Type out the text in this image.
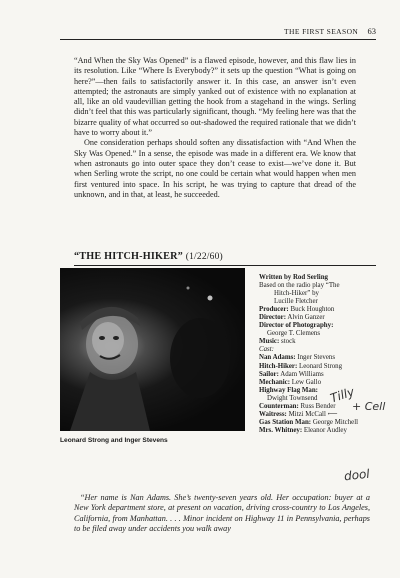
THE FIRST SEASON 63

“And When the Sky Was Opened” is a flawed episode, however, and this flaw lies in its resolution. Like “Where Is Everybody?” it sets up the question “What is going on here?”—then fails to satisfactorily answer it. In this case, an answer isn’t even attempted; the astronauts are simply yanked out of existence with no explanation at all, like an old vaudevillian getting the hook from a stagehand in the wings. Serling didn’t feel that this was particularly significant, though. “My feeling here was that the bizarre quality of what occurred so out-shadowed the required rationale that we didn’t have to worry about it.”

One consideration perhaps should soften any dissatisfaction with “And When the Sky Was Opened.” In a sense, the episode was made in a different era. We know that when astronauts go into outer space they don’t cease to exist—we’ve done it. But when Serling wrote the script, no one could be certain what would happen when men first ventured into space. In his script, he was trying to capture that dread of the unknown, and in that, at least, he succeeded.

“THE HITCH-HIKER” (1/22/60)
Leonard Strong and Inger Stevens
Written by Rod Serling
Based on the radio play “The
Hitch-Hiker” by
Lucille Fletcher
Producer: Buck Houghton
Director: Alvin Ganzer
Director of Photography:
George T. Clemens
Music: stock
Cast:
Nan Adams: Inger Stevens
Hitch-Hiker: Leonard Strong
Sailor: Adam Williams
Mechanic: Lew Gallo
Highway Flag Man:
Dwight Townsend
Counterman: Russ Bender
Waitress: Mitzi McCall ⟵
Gas Station Man: George Mitchell
Mrs. Whitney: Eleanor Audley
Tilly
+ Cell
dool

“Her name is Nan Adams. She’s twenty-seven years old. Her occupation: buyer at a New York department store, at present on vacation, driving cross-country to Los Angeles, California, from Manhattan. . . . Minor incident on Highway 11 in Pennsylvania, perhaps to be filed away under accidents you walk away
